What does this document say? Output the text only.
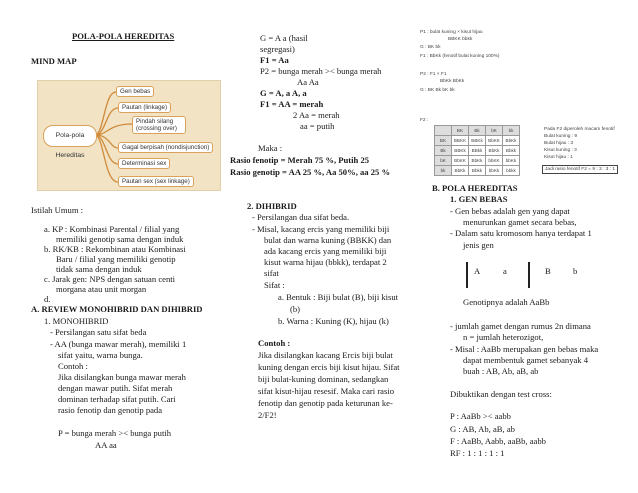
POLA-POLA HEREDITAS
MIND MAP
Pola-pola Hereditas
Gen bebas
Pautan (linkage)
Pindah silang (crossing over)
Gagal berpisah (nondisjunction)
Determinasi sex
Pautan sex (sex linkage)
Istilah Umum :
a. KP : Kombinasi Parental / filial yang
memiliki genotip sama dengan induk
b. RK/KB : Rekombinan atau Kombinasi
Baru / filial yang memiliki genotip
tidak sama dengan induk
c. Jarak gen: NPS dengan satuan centi
morgana atau unit morgan
d.
A. REVIEW MONOHIBRID DAN DIHIBRID
1. MONOHIBRID
- Persilangan satu sifat beda
- AA (bunga mawar merah), memiliki 1
sifat yaitu, warna bunga.
Contoh :
Jika disilangkan bunga mawar merah
dengan mawar putih. Sifat merah
dominan terhadap sifat putih. Cari
rasio fenotip dan genotip pada
P = bunga merah >< bunga putih
AA aa
G = A a (hasil
segregasi)
F1 = Aa
P2 = bunga merah >< bunga merah
Aa Aa
G = A, a A, a
F1 = AA = merah
2 Aa = merah
aa = putih
Maka :
Rasio fenotip = Merah 75 %, Putih 25
Rasio genotip = AA 25 %, Aa 50%, aa 25 %
2. DIHIBRID
- Persilangan dua sifat beda.
- Misal, kacang ercis yang memiliki biji
bulat dan warna kuning (BBKK) dan
ada kacang ercis yang memiliki biji
kisut warna hijau (bbkk), terdapat 2
sifat
Sifat :
a. Bentuk : Biji bulat (B), biji kisut
(b)
b. Warna : Kuning (K), hijau (k)
Contoh :
Jika disilangkan kacang Ercis biji bulat
kuning dengan ercis biji kisut hijau. Sifat
biji bulat-kuning dominan, sedangkan
sifat kisut-hijau resesif. Maka cari rasio
fenotip dan genotip pada keturunan ke-
2/F2!
P1 : bulat kuning × kisut hijau
BBKK bbkk
G : BK bk
F1 : BbKk (fenotif bulat kuning 100%)
P2 : F1 × F1
BbKk BbKk
G : BK Bk bK bk
F2 :
	BK	Bk	bK	bk
BK	BBKK	BBKk	BbKK	BbKk
Bk	BBKk	BBkk	BbKk	Bbkk
bK	BbKK	BbKk	bbKK	bbKk
bk	BbKk	Bbkk	bbKk	bbkk
Pada F2 diperoleh macam fenotif
Bulat kuning : 9
Bulat hijau : 3
Kisut kuning : 3
Kisut hijau : 1
Jadi rasio fenotif F2 = 9 : 3 : 3 : 1
B. POLA HEREDITAS
1. GEN BEBAS
- Gen bebas adalah gen yang dapat
menurunkan gamet secara bebas,
- Dalam satu kromosom hanya terdapat 1
jenis gen
A	a	B	b
Genotipnya adalah AaBb
- jumlah gamet dengan rumus 2n dimana
n = jumlah heterozigot,
- Misal : AaBb merupakan gen bebas maka
dapat membentuk gamet sebanyak 4
buah : AB, Ab, aB, ab
Dibuktikan dengan test cross:
P : AaBb >< aabb
G : AB, Ab, aB, ab
F : AaBb, Aabb, aaBb, aabb
RF : 1 : 1 : 1 : 1
